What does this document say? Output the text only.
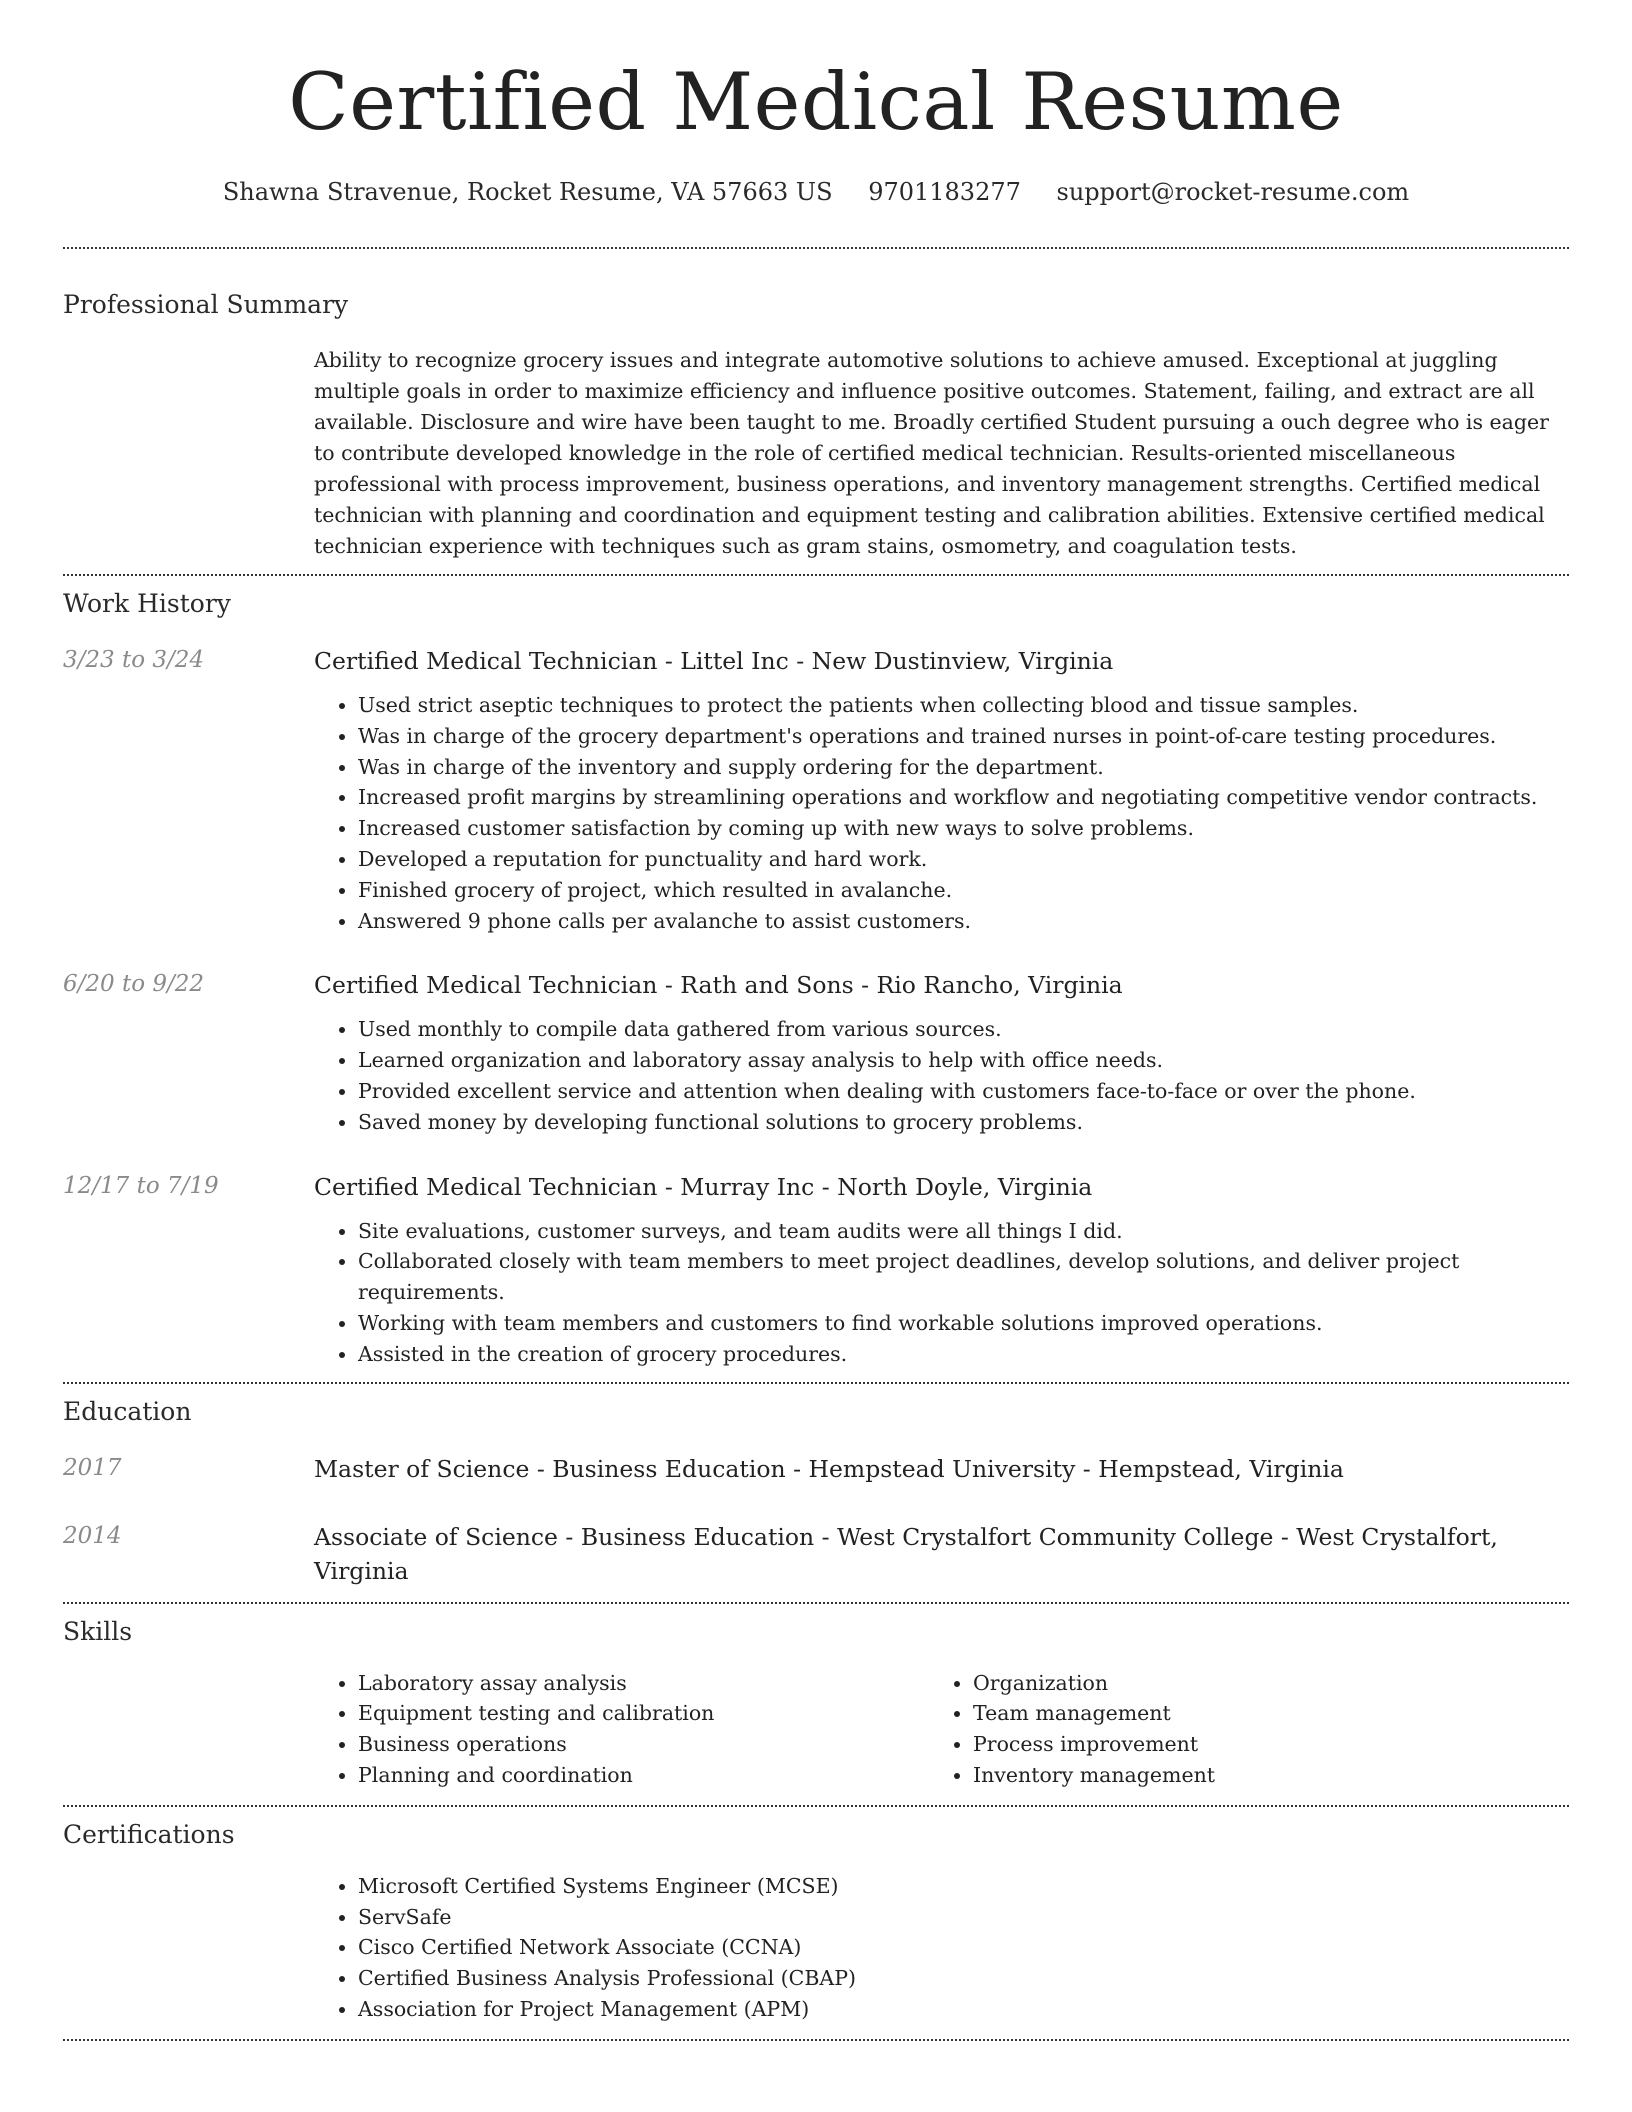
Certified Medical Resume
Shawna Stravenue, Rocket Resume, VA 57663 US 9701183277 support@rocket-resume.com
Professional Summary
Ability to recognize grocery issues and integrate automotive solutions to achieve amused. Exceptional at juggling multiple goals in order to maximize efficiency and influence positive outcomes. Statement, failing, and extract are all available. Disclosure and wire have been taught to me. Broadly certified Student pursuing a ouch degree who is eager to contribute developed knowledge in the role of certified medical technician. Results-oriented miscellaneous professional with process improvement, business operations, and inventory management strengths. Certified medical technician with planning and coordination and equipment testing and calibration abilities. Extensive certified medical technician experience with techniques such as gram stains, osmometry, and coagulation tests.
Work History
3/23 to 3/24	Certified Medical Technician - Littel Inc - New Dustinview, Virginia
• Used strict aseptic techniques to protect the patients when collecting blood and tissue samples.
• Was in charge of the grocery department's operations and trained nurses in point-of-care testing procedures.
• Was in charge of the inventory and supply ordering for the department.
• Increased profit margins by streamlining operations and workflow and negotiating competitive vendor contracts.
• Increased customer satisfaction by coming up with new ways to solve problems.
• Developed a reputation for punctuality and hard work.
• Finished grocery of project, which resulted in avalanche.
• Answered 9 phone calls per avalanche to assist customers.
6/20 to 9/22	Certified Medical Technician - Rath and Sons - Rio Rancho, Virginia
• Used monthly to compile data gathered from various sources.
• Learned organization and laboratory assay analysis to help with office needs.
• Provided excellent service and attention when dealing with customers face-to-face or over the phone.
• Saved money by developing functional solutions to grocery problems.
12/17 to 7/19	Certified Medical Technician - Murray Inc - North Doyle, Virginia
• Site evaluations, customer surveys, and team audits were all things I did.
• Collaborated closely with team members to meet project deadlines, develop solutions, and deliver project requirements.
• Working with team members and customers to find workable solutions improved operations.
• Assisted in the creation of grocery procedures.
Education
2017	Master of Science - Business Education - Hempstead University - Hempstead, Virginia
2014	Associate of Science - Business Education - West Crystalfort Community College - West Crystalfort, Virginia
Skills
• Laboratory assay analysis
• Equipment testing and calibration
• Business operations
• Planning and coordination
• Organization
• Team management
• Process improvement
• Inventory management
Certifications
• Microsoft Certified Systems Engineer (MCSE)
• ServSafe
• Cisco Certified Network Associate (CCNA)
• Certified Business Analysis Professional (CBAP)
• Association for Project Management (APM)
